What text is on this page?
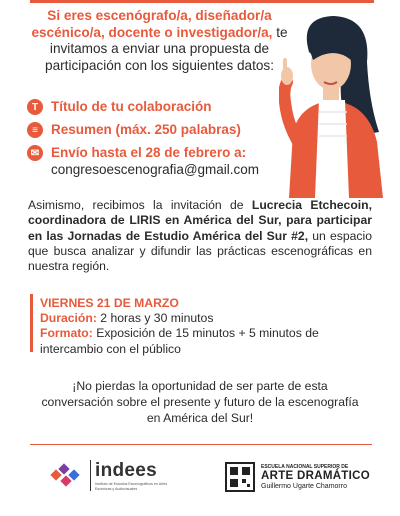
Si eres escenógrafo/a, diseñador/a escénico/a, docente o investigador/a, te invitamos a enviar una propuesta de participación con los siguientes datos:
T Título de tu colaboración
≡ Resumen (máx. 250 palabras)
✉ Envío hasta el 28 de febrero a:
congresoescenografia@gmail.com
Asimismo, recibimos la invitación de Lucrecia Etchecoin, coordinadora de LIRIS en América del Sur, para participar en las Jornadas de Estudio América del Sur #2, un espacio que busca analizar y difundir las prácticas escenográficas en nuestra región.
VIERNES 21 DE MARZO
Duración: 2 horas y 30 minutos
Formato: Exposición de 15 minutos + 5 minutos de intercambio con el público
¡No pierdas la oportunidad de ser parte de esta conversación sobre el presente y futuro de la escenografía en América del Sur!
indees
Instituto de Estudios Escenográficos en Artes Escénicas y Audiovisuales
ESCUELA NACIONAL SUPERIOR DE
ARTE DRAMÁTICO
Guillermo Ugarte Chamorro
